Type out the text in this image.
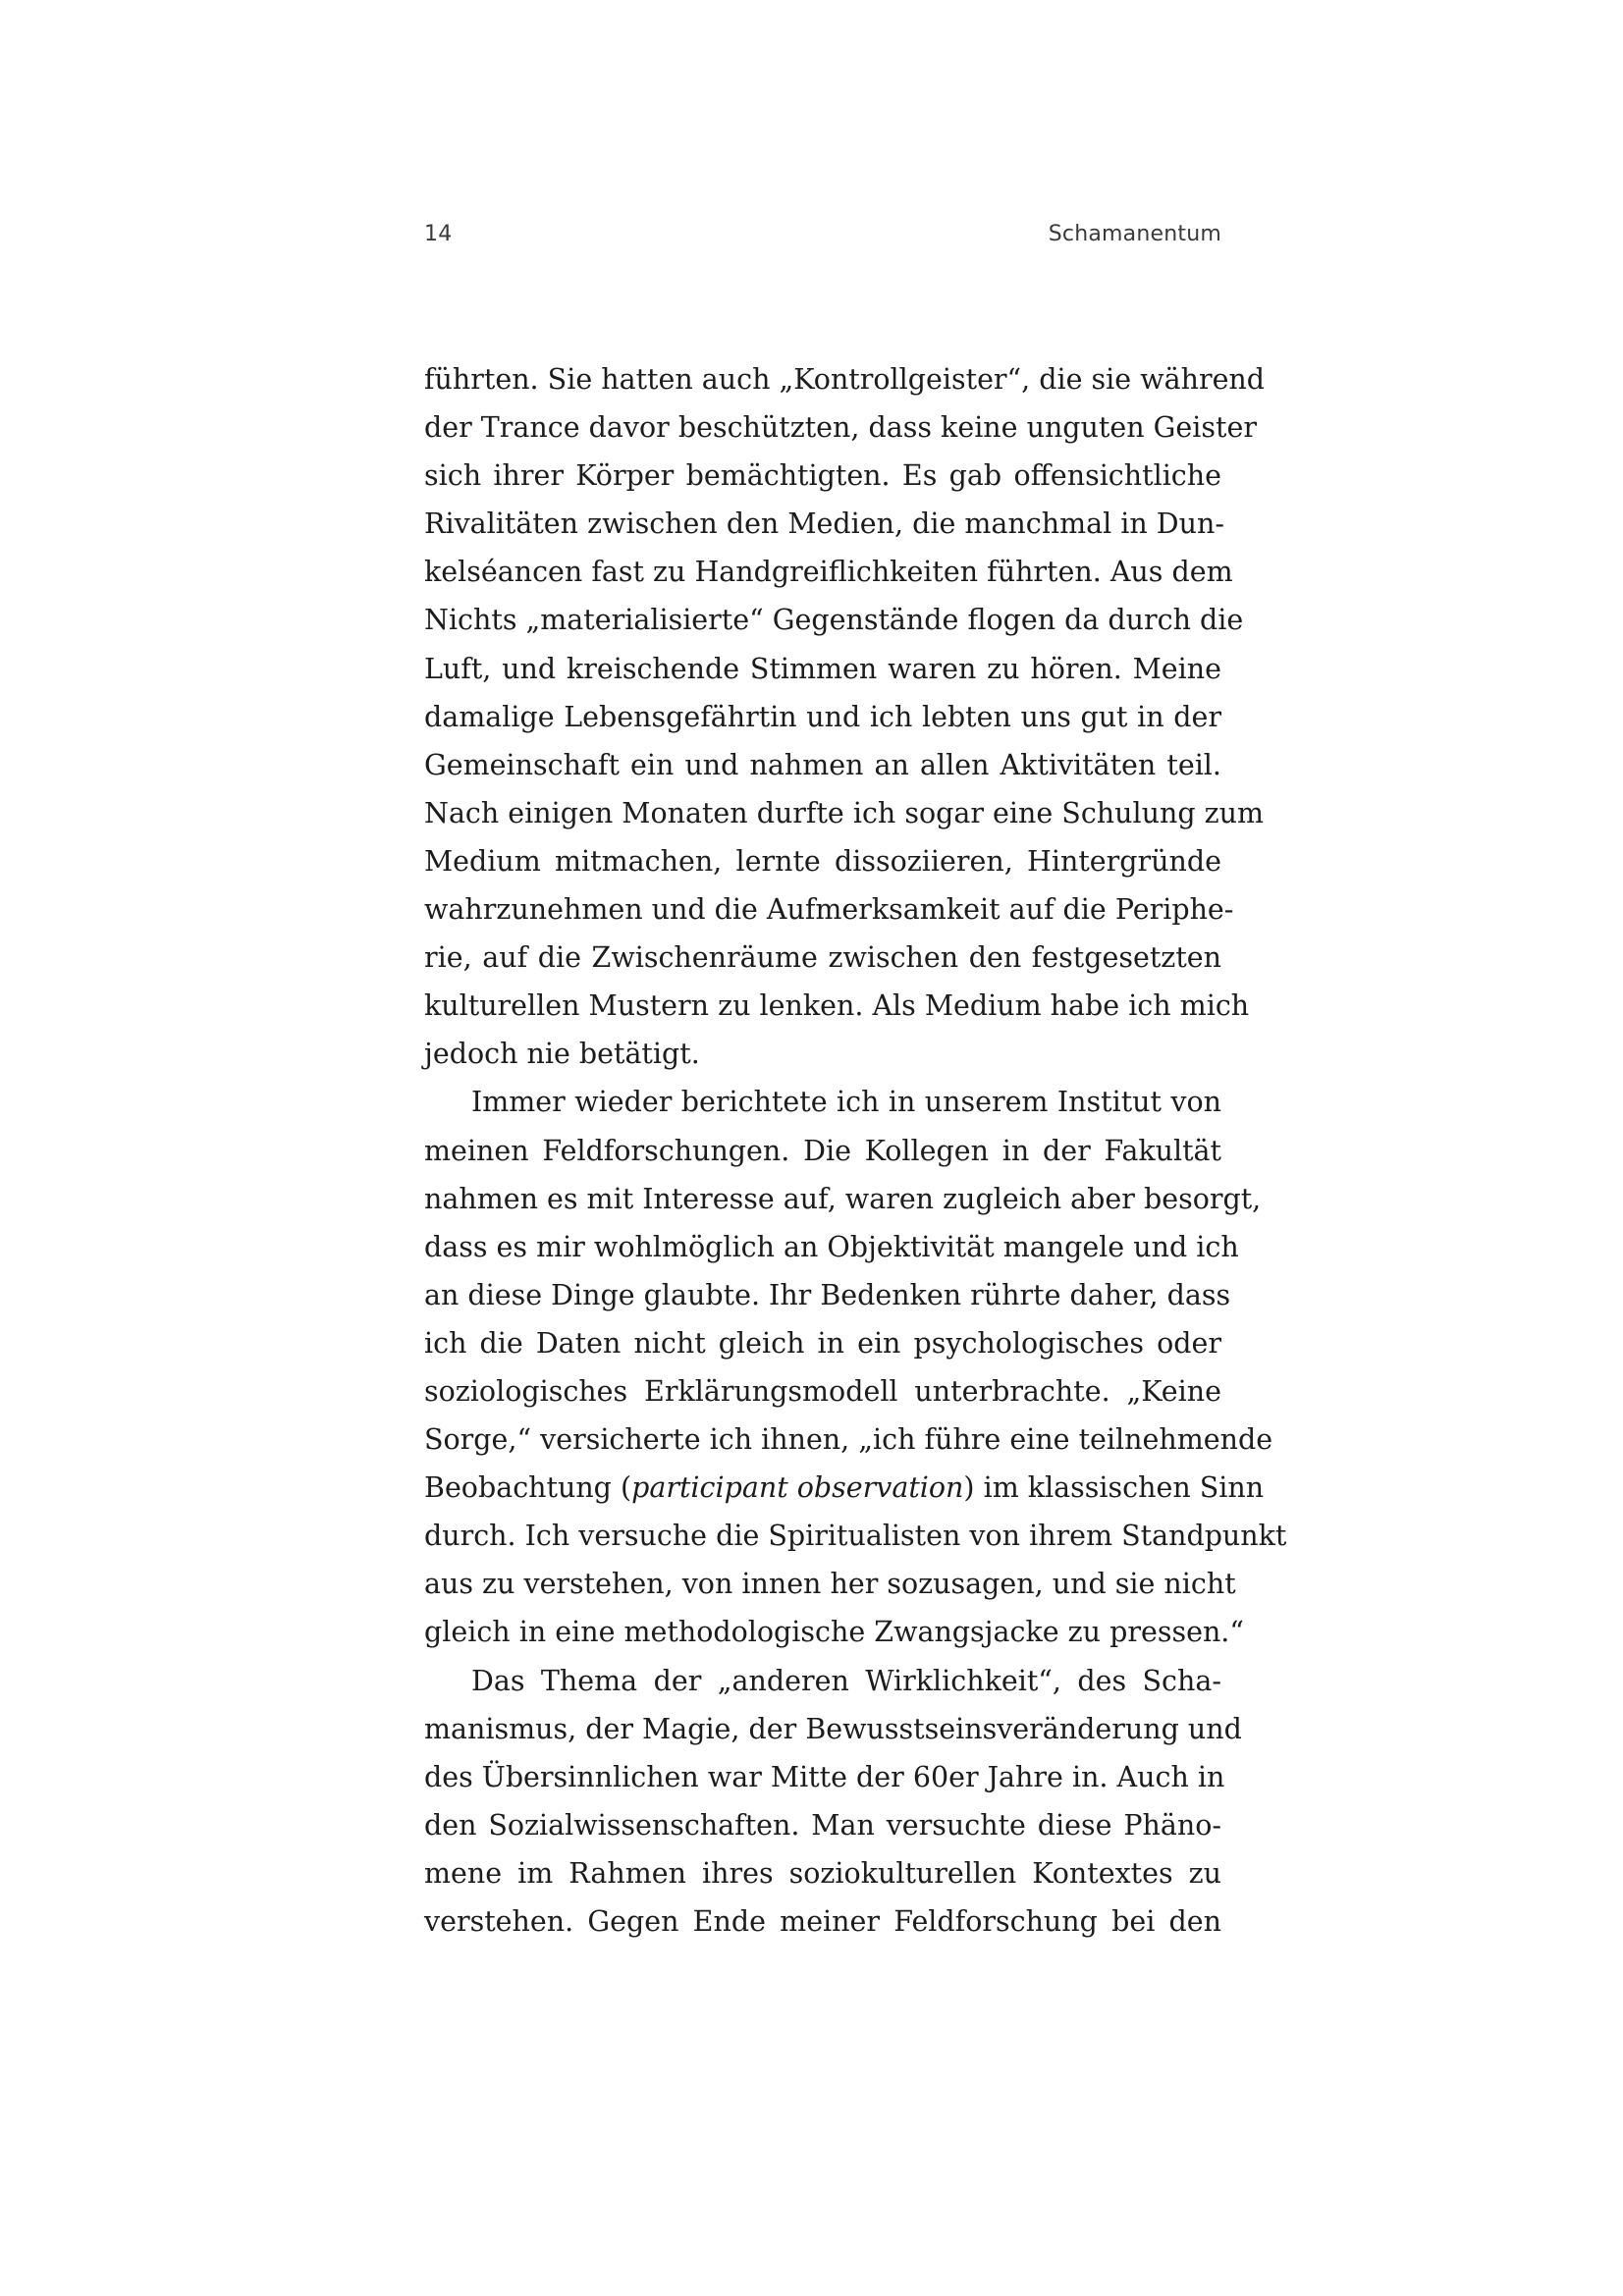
14	Schamanentum
führten. Sie hatten auch „Kontrollgeister“, die sie während
der Trance davor beschützten, dass keine unguten Geister
sich ihrer Körper bemächtigten. Es gab offensichtliche
Rivalitäten zwischen den Medien, die manchmal in Dun-
kelséancen fast zu Handgreiflichkeiten führten. Aus dem
Nichts „materialisierte“ Gegenstände flogen da durch die
Luft, und kreischende Stimmen waren zu hören. Meine
damalige Lebensgefährtin und ich lebten uns gut in der
Gemeinschaft ein und nahmen an allen Aktivitäten teil.
Nach einigen Monaten durfte ich sogar eine Schulung zum
Medium mitmachen, lernte dissoziieren, Hintergründe
wahrzunehmen und die Aufmerksamkeit auf die Periphe-
rie, auf die Zwischenräume zwischen den festgesetzten
kulturellen Mustern zu lenken. Als Medium habe ich mich
jedoch nie betätigt.
Immer wieder berichtete ich in unserem Institut von
meinen Feldforschungen. Die Kollegen in der Fakultät
nahmen es mit Interesse auf, waren zugleich aber besorgt,
dass es mir wohlmöglich an Objektivität mangele und ich
an diese Dinge glaubte. Ihr Bedenken rührte daher, dass
ich die Daten nicht gleich in ein psychologisches oder
soziologisches Erklärungsmodell unterbrachte. „Keine
Sorge,“ versicherte ich ihnen, „ich führe eine teilnehmende
Beobachtung (participant observation) im klassischen Sinn
durch. Ich versuche die Spiritualisten von ihrem Standpunkt
aus zu verstehen, von innen her sozusagen, und sie nicht
gleich in eine methodologische Zwangsjacke zu pressen.“
Das Thema der „anderen Wirklichkeit“, des Scha-
manismus, der Magie, der Bewusstseinsveränderung und
des Übersinnlichen war Mitte der 60er Jahre in. Auch in
den Sozialwissenschaften. Man versuchte diese Phäno-
mene im Rahmen ihres soziokulturellen Kontextes zu
verstehen. Gegen Ende meiner Feldforschung bei den
